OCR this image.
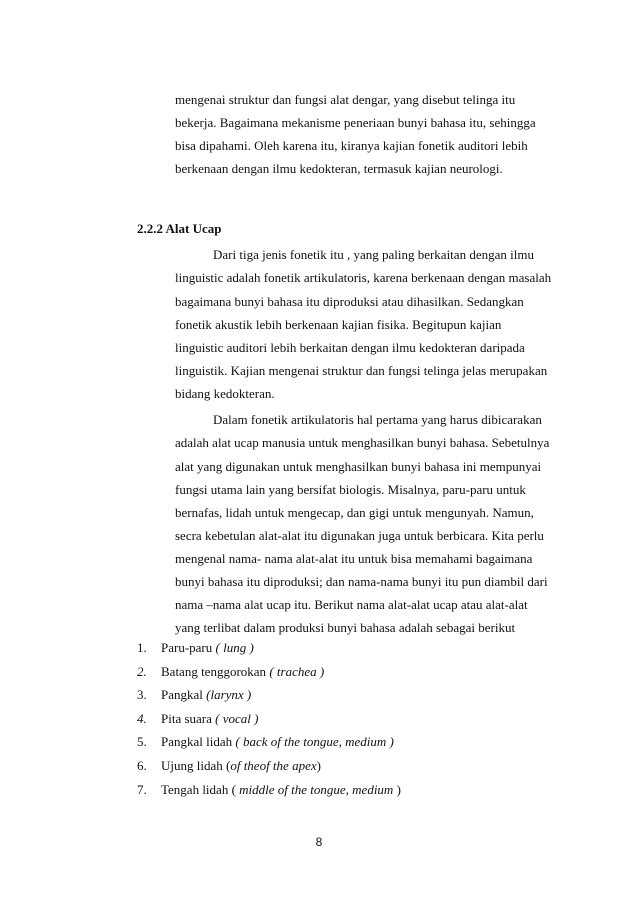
mengenai struktur dan fungsi alat dengar, yang disebut telinga itu
bekerja. Bagaimana mekanisme peneriaan bunyi bahasa itu, sehingga
bisa dipahami. Oleh karena itu, kiranya kajian fonetik auditori lebih
berkenaan dengan ilmu kedokteran, termasuk kajian neurologi.
2.2.2 Alat Ucap
Dari tiga jenis fonetik itu , yang paling berkaitan dengan ilmu
linguistic adalah fonetik artikulatoris, karena berkenaan dengan masalah
bagaimana bunyi bahasa itu diproduksi atau dihasilkan. Sedangkan
fonetik akustik lebih berkenaan kajian fisika. Begitupun kajian
linguistic auditori lebih berkaitan dengan ilmu kedokteran daripada
linguistik. Kajian mengenai struktur dan fungsi telinga jelas merupakan
bidang kedokteran.
Dalam fonetik artikulatoris hal pertama yang harus dibicarakan
adalah alat ucap manusia untuk menghasilkan bunyi bahasa. Sebetulnya
alat yang digunakan untuk menghasilkan bunyi bahasa ini mempunyai
fungsi utama lain yang bersifat biologis. Misalnya, paru-paru untuk
bernafas, lidah untuk mengecap, dan gigi untuk mengunyah. Namun,
secra kebetulan alat-alat itu digunakan juga untuk berbicara. Kita perlu
mengenal nama- nama alat-alat itu untuk bisa memahami bagaimana
bunyi bahasa itu diproduksi; dan nama-nama bunyi itu pun diambil dari
nama –nama alat ucap itu. Berikut nama alat-alat ucap atau alat-alat
yang terlibat dalam produksi bunyi bahasa adalah sebagai berikut
1. Paru-paru ( lung )
2. Batang tenggorokan ( trachea )
3. Pangkal (larynx )
4. Pita suara ( vocal )
5. Pangkal lidah ( back of the tongue, medium )
6. Ujung lidah (of theof the apex)
7. Tengah lidah ( middle of the tongue, medium )
8
